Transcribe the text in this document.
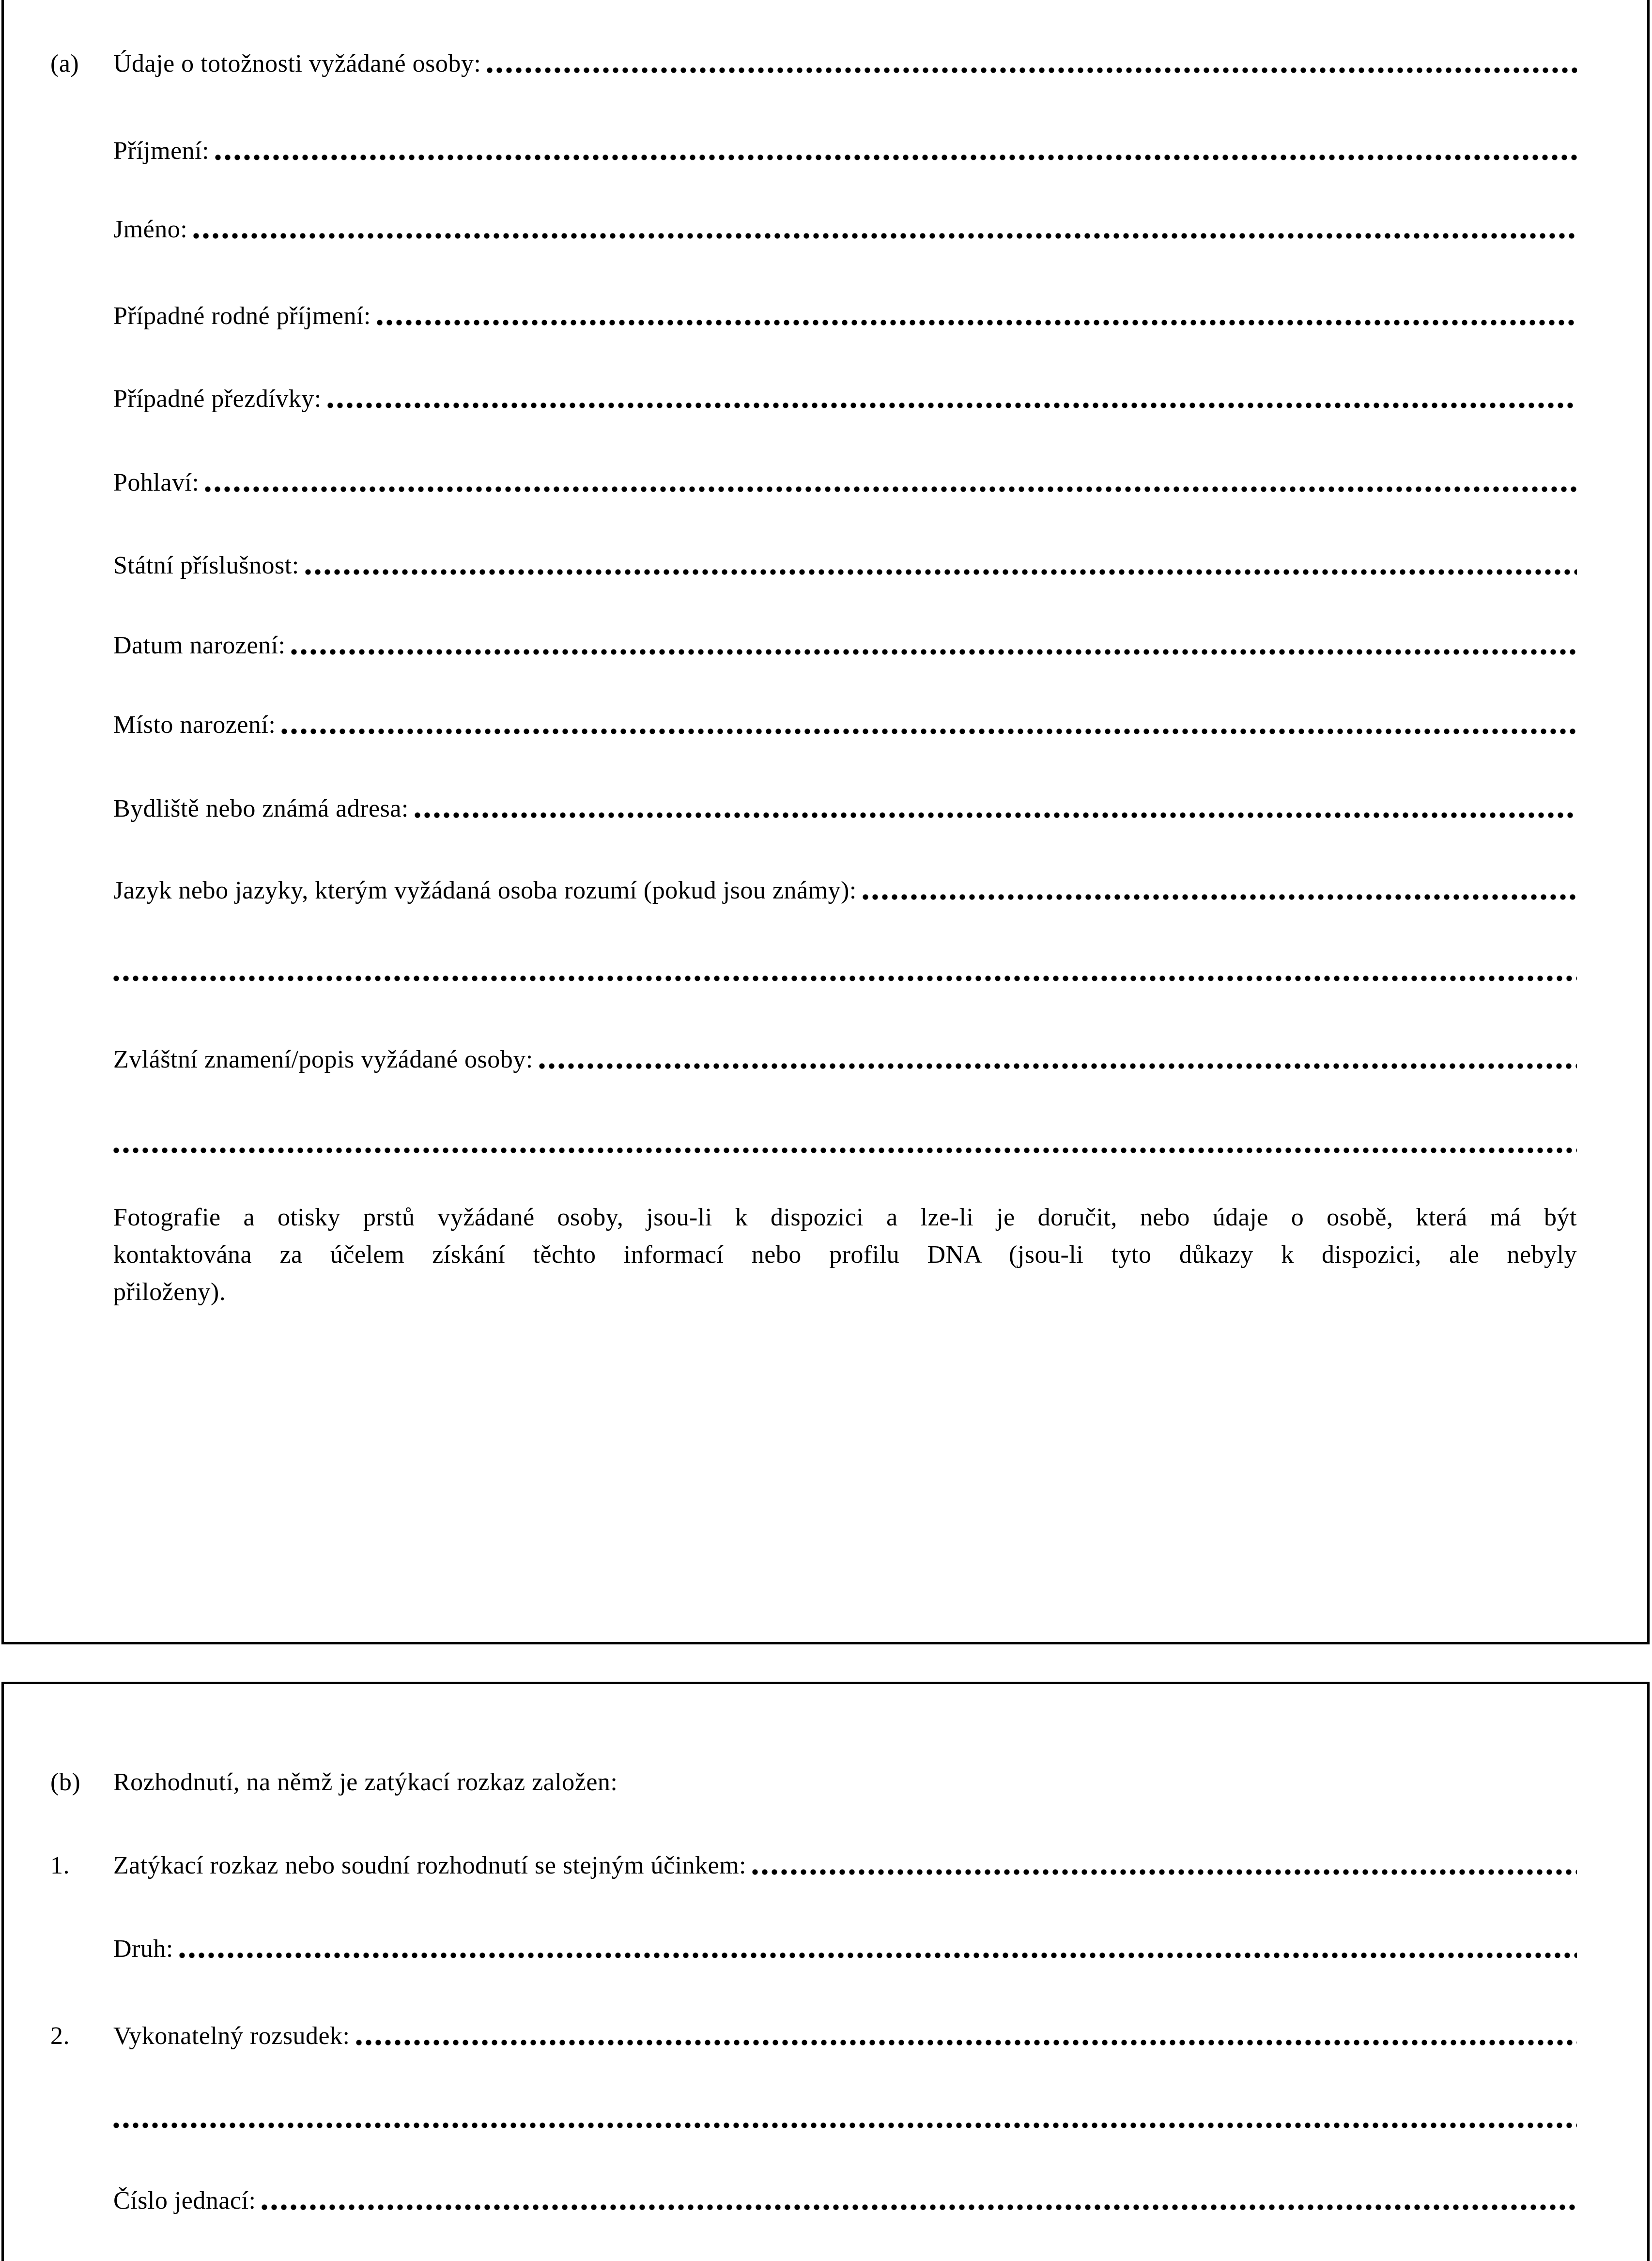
(a)	Údaje o totožnosti vyžádané osoby:
Příjmení:
Jméno:
Případné rodné příjmení:
Případné přezdívky:
Pohlaví:
Státní příslušnost:
Datum narození:
Místo narození:
Bydliště nebo známá adresa:
Jazyk nebo jazyky, kterým vyžádaná osoba rozumí (pokud jsou známy):
Zvláštní znamení/popis vyžádané osoby:
Fotografie a otisky prstů vyžádané osoby, jsou-li k dispozici a lze-li je doručit, nebo údaje o osobě, která má být
kontaktována za účelem získání těchto informací nebo profilu DNA (jsou-li tyto důkazy k dispozici, ale nebyly
přiloženy).
(b)	Rozhodnutí, na němž je zatýkací rozkaz založen:
1.	Zatýkací rozkaz nebo soudní rozhodnutí se stejným účinkem:
Druh:
2.	Vykonatelný rozsudek:
Číslo jednací:
